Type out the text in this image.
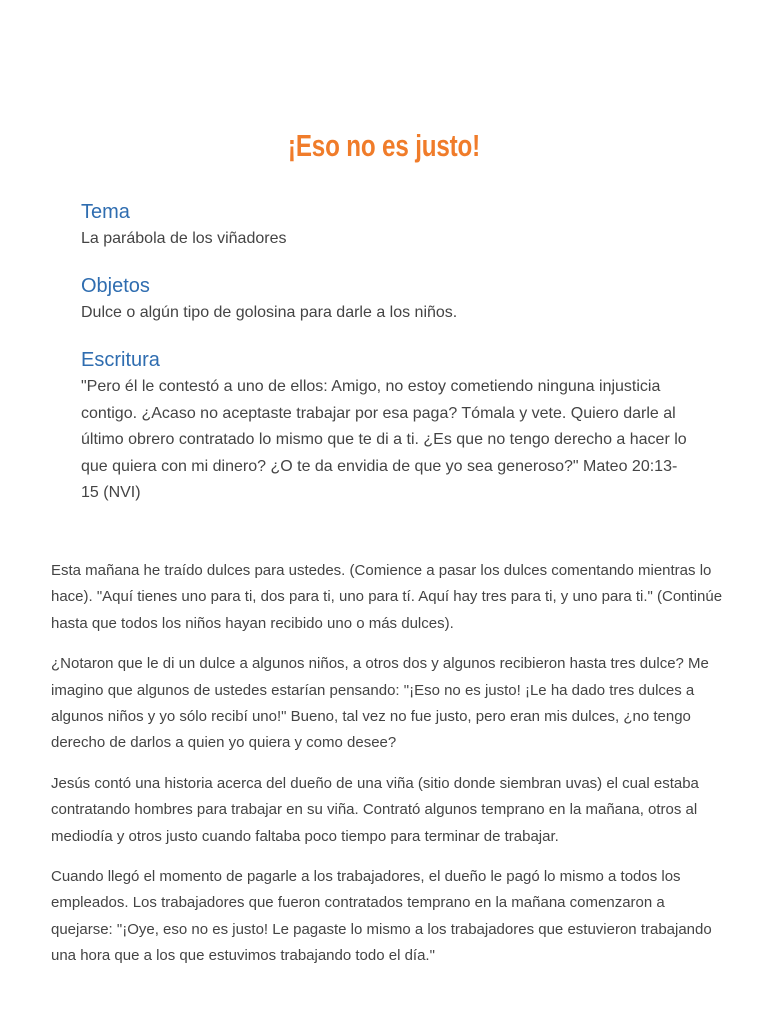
¡Eso no es justo!
Tema
La parábola de los viñadores
Objetos
Dulce o algún tipo de golosina para darle a los niños.
Escritura
"Pero él le contestó a uno de ellos: Amigo, no estoy cometiendo ninguna injusticia contigo. ¿Acaso no aceptaste trabajar por esa paga? Tómala y vete. Quiero darle al último obrero contratado lo mismo que te di a ti. ¿Es que no tengo derecho a hacer lo que quiera con mi dinero? ¿O te da envidia de que yo sea generoso?" Mateo 20:13-15 (NVI)

Esta mañana he traído dulces para ustedes. (Comience a pasar los dulces comentando mientras lo hace). "Aquí tienes uno para ti, dos para ti, uno para tí. Aquí hay tres para ti, y uno para ti." (Continúe hasta que todos los niños hayan recibido uno o más dulces).

¿Notaron que le di un dulce a algunos niños, a otros dos y algunos recibieron hasta tres dulce? Me imagino que algunos de ustedes estarían pensando: "¡Eso no es justo! ¡Le ha dado tres dulces a algunos niños y yo sólo recibí uno!" Bueno, tal vez no fue justo, pero eran mis dulces, ¿no tengo derecho de darlos a quien yo quiera y como desee?

Jesús contó una historia acerca del dueño de una viña (sitio donde siembran uvas) el cual estaba contratando hombres para trabajar en su viña. Contrató algunos temprano en la mañana, otros al mediodía y otros justo cuando faltaba poco tiempo para terminar de trabajar.

Cuando llegó el momento de pagarle a los trabajadores, el dueño le pagó lo mismo a todos los empleados. Los trabajadores que fueron contratados temprano en la mañana comenzaron a quejarse: "¡Oye, eso no es justo! Le pagaste lo mismo a los trabajadores que estuvieron trabajando una hora que a los que estuvimos trabajando todo el día."
